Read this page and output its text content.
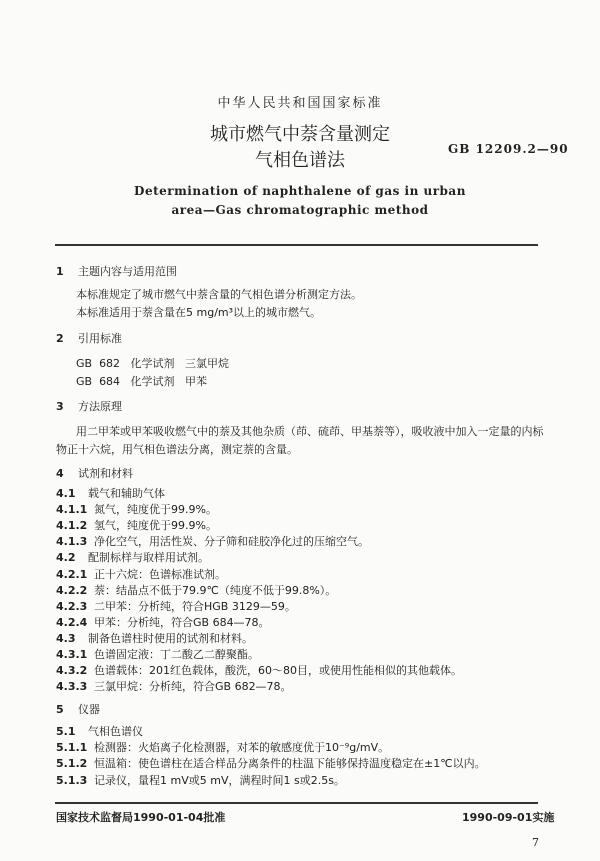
中华人民共和国国家标准
城市燃气中萘含量测定
气相色谱法
GB 12209.2—90
Determination of naphthalene of gas in urban
area—Gas chromatographic method
1 主题内容与适用范围
本标准规定了城市燃气中萘含量的气相色谱分析测定方法。
本标准适用于萘含量在5 mg/m³以上的城市燃气。
2 引用标准
GB  682   化学试剂   三氯甲烷
GB  684   化学试剂   甲苯
3 方法原理
用二甲苯或甲苯吸收燃气中的萘及其他杂质（茚、硫茚、甲基萘等），吸收液中加入一定量的内标
物正十六烷，用气相色谱法分离，测定萘的含量。
4 试剂和材料
4.1 载气和辅助气体
4.1.1 氮气，纯度优于99.9%。
4.1.2 氢气，纯度优于99.9%。
4.1.3 净化空气，用活性炭、分子筛和硅胶净化过的压缩空气。
4.2 配制标样与取样用试剂。
4.2.1 正十六烷：色谱标准试剂。
4.2.2 萘：结晶点不低于79.9℃（纯度不低于99.8%）。
4.2.3 二甲苯：分析纯，符合HGB 3129—59。
4.2.4 甲苯：分析纯，符合GB 684—78。
4.3 制备色谱柱时使用的试剂和材料。
4.3.1 色谱固定液：丁二酸乙二醇聚酯。
4.3.2 色谱载体：201红色载体，酸洗，60～80目，或使用性能相似的其他载体。
4.3.3 三氯甲烷：分析纯，符合GB 682—78。
5 仪器
5.1 气相色谱仪
5.1.1 检测器：火焰离子化检测器，对苯的敏感度优于10⁻⁹g/mV。
5.1.2 恒温箱：使色谱柱在适合样品分离条件的柱温下能够保持温度稳定在±1℃以内。
5.1.3 记录仪，量程1 mV或5 mV，满程时间1 s或2.5s。
国家技术监督局1990-01-04批准	1990-09-01实施
7
